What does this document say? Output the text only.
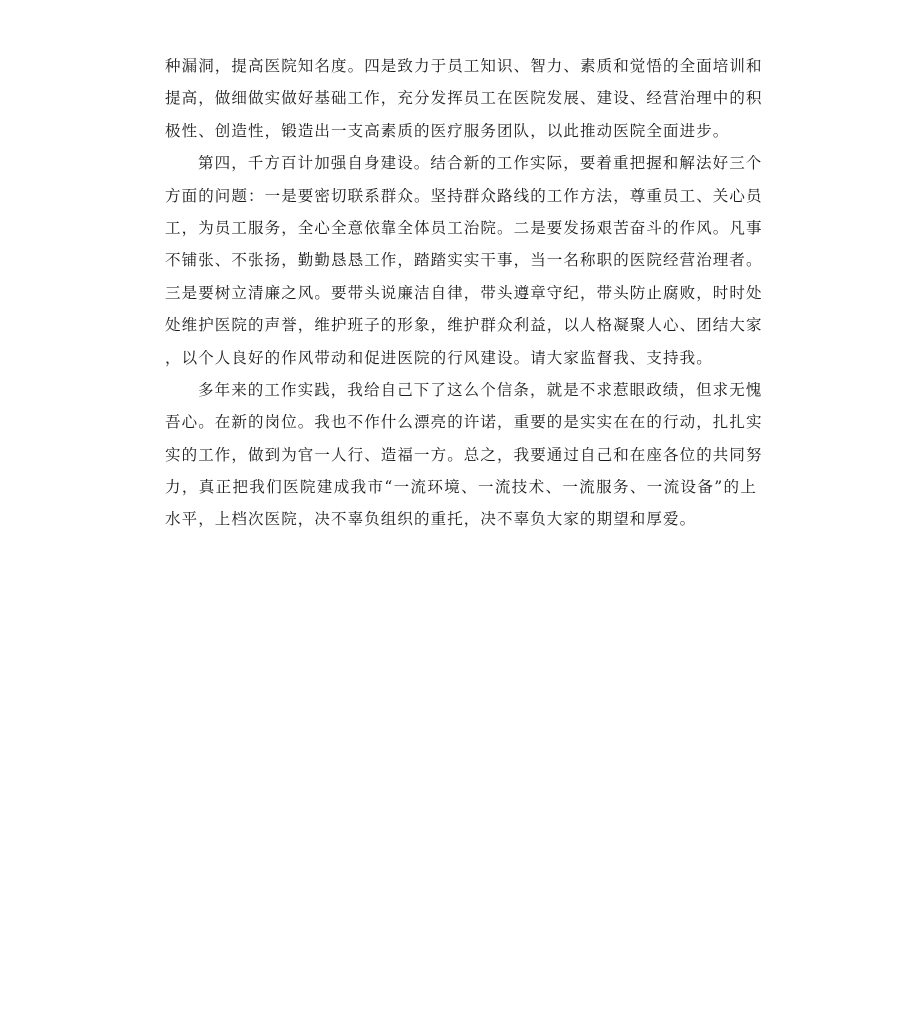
种漏洞，提高医院知名度。四是致力于员工知识、智力、素质和觉悟的全面培训和
提高，做细做实做好基础工作，充分发挥员工在医院发展、建设、经营治理中的积
极性、创造性，锻造出一支高素质的医疗服务团队，以此推动医院全面进步。
第四，千方百计加强自身建设。结合新的工作实际，要着重把握和解法好三个
方面的问题：一是要密切联系群众。坚持群众路线的工作方法，尊重员工、关心员
工，为员工服务，全心全意依靠全体员工治院。二是要发扬艰苦奋斗的作风。凡事
不铺张、不张扬，勤勤恳恳工作，踏踏实实干事，当一名称职的医院经营治理者。
三是要树立清廉之风。要带头说廉洁自律，带头遵章守纪，带头防止腐败，时时处
处维护医院的声誉，维护班子的形象，维护群众利益，以人格凝聚人心、团结大家
，以个人良好的作风带动和促进医院的行风建设。请大家监督我、支持我。
多年来的工作实践，我给自己下了这么个信条，就是不求惹眼政绩，但求无愧
吾心。在新的岗位。我也不作什么漂亮的许诺，重要的是实实在在的行动，扎扎实
实的工作，做到为官一人行、造福一方。总之，我要通过自己和在座各位的共同努
力，真正把我们医院建成我市“一流环境、一流技术、一流服务、一流设备”的上
水平，上档次医院，决不辜负组织的重托，决不辜负大家的期望和厚爱。
